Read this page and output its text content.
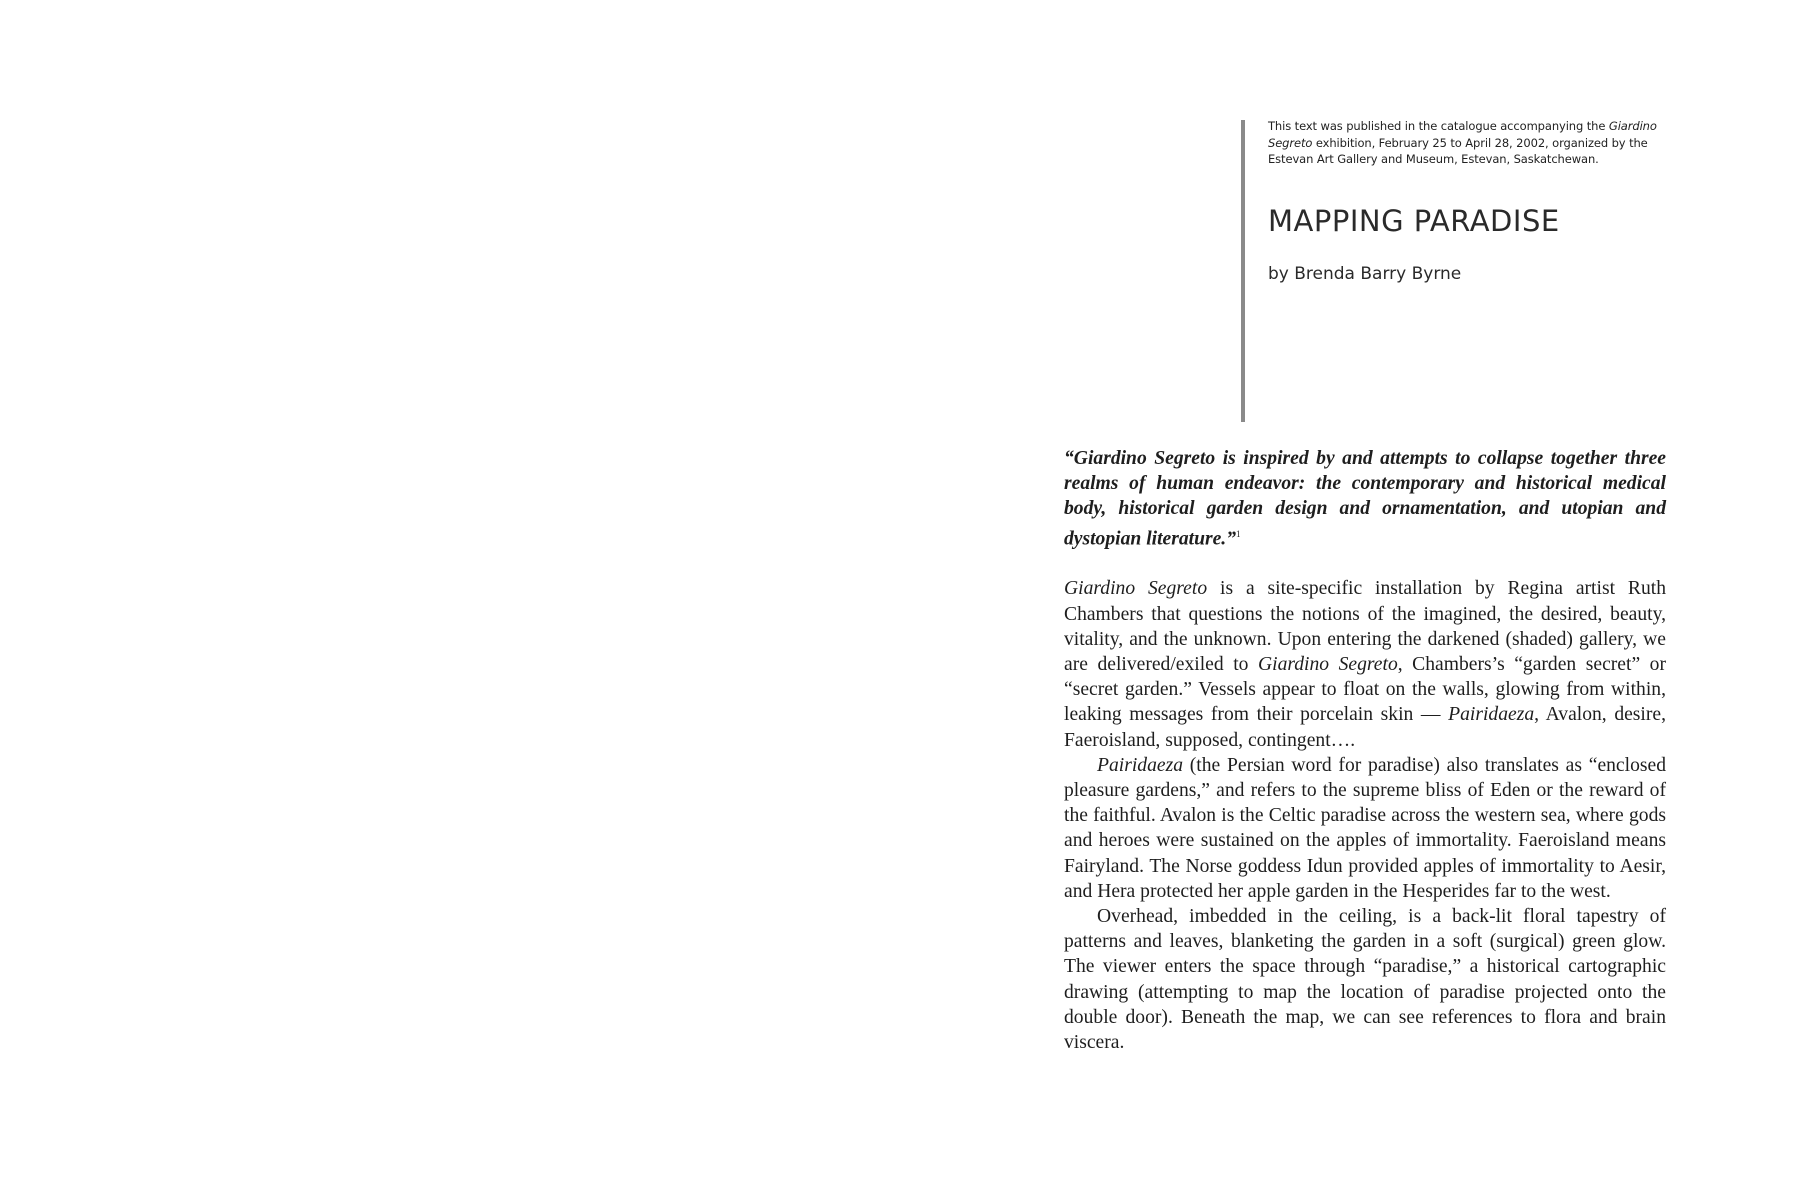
This text was published in the catalogue accompanying the Giardino Segreto exhibition, February 25 to April 28, 2002, organized by the Estevan Art Gallery and Museum, Estevan, Saskatchewan.
MAPPING PARADISE
by Brenda Barry Byrne

“Giardino Segreto is inspired by and attempts to collapse together three realms of human endeavor: the contemporary and historical medical body, historical garden design and ornamentation, and utopian and dystopian literature.”$^1$

Giardino Segreto is a site-specific installation by Regina artist Ruth Chambers that questions the notions of the imagined, the desired, beauty, vitality, and the unknown. Upon entering the darkened (shaded) gallery, we are delivered/exiled to Giardino Segreto, Chambers’s “garden secret” or “secret garden.” Vessels appear to float on the walls, glowing from within, leaking messages from their porcelain skin — Pairidaeza, Avalon, desire, Faeroisland, supposed, contingent….

Pairidaeza (the Persian word for paradise) also translates as “enclosed pleasure gardens,” and refers to the supreme bliss of Eden or the reward of the faithful. Avalon is the Celtic paradise across the western sea, where gods and heroes were sustained on the apples of immortality. Faeroisland means Fairyland. The Norse goddess Idun provided apples of immortality to Aesir, and Hera protected her apple garden in the Hesperides far to the west.

Overhead, imbedded in the ceiling, is a back-lit floral tapestry of patterns and leaves, blanketing the garden in a soft (surgical) green glow. The viewer enters the space through “paradise,” a historical cartographic drawing (attempting to map the location of paradise projected onto the double door). Beneath the map, we can see references to flora and brain viscera.
